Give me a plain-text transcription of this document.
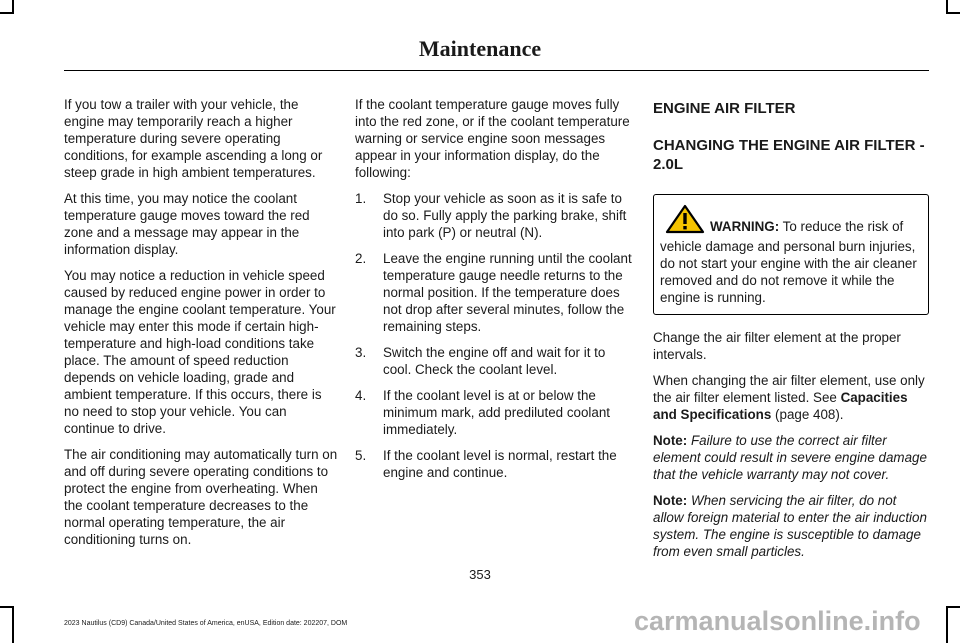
Maintenance

If you tow a trailer with your vehicle, the engine may temporarily reach a higher temperature during severe operating conditions, for example ascending a long or steep grade in high ambient temperatures.

At this time, you may notice the coolant temperature gauge moves toward the red zone and a message may appear in the information display.

You may notice a reduction in vehicle speed caused by reduced engine power in order to manage the engine coolant temperature. Your vehicle may enter this mode if certain high-temperature and high-load conditions take place. The amount of speed reduction depends on vehicle loading, grade and ambient temperature. If this occurs, there is no need to stop your vehicle. You can continue to drive.

The air conditioning may automatically turn on and off during severe operating conditions to protect the engine from overheating. When the coolant temperature decreases to the normal operating temperature, the air conditioning turns on.

If the coolant temperature gauge moves fully into the red zone, or if the coolant temperature warning or service engine soon messages appear in your information display, do the following:

1. Stop your vehicle as soon as it is safe to do so. Fully apply the parking brake, shift into park (P) or neutral (N).
2. Leave the engine running until the coolant temperature gauge needle returns to the normal position. If the temperature does not drop after several minutes, follow the remaining steps.
3. Switch the engine off and wait for it to cool. Check the coolant level.
4. If the coolant level is at or below the minimum mark, add prediluted coolant immediately.
5. If the coolant level is normal, restart the engine and continue.
ENGINE AIR FILTER
CHANGING THE ENGINE AIR FILTER - 2.0L
WARNING: To reduce the risk of vehicle damage and personal burn injuries, do not start your engine with the air cleaner removed and do not remove it while the engine is running.

Change the air filter element at the proper intervals.

When changing the air filter element, use only the air filter element listed. See Capacities and Specifications (page 408).

Note: Failure to use the correct air filter element could result in severe engine damage that the vehicle warranty may not cover.

Note: When servicing the air filter, do not allow foreign material to enter the air induction system. The engine is susceptible to damage from even small particles.

353
2023 Nautilus (CD9) Canada/United States of America, enUSA, Edition date: 202207, DOM	carmanualsonline.info
